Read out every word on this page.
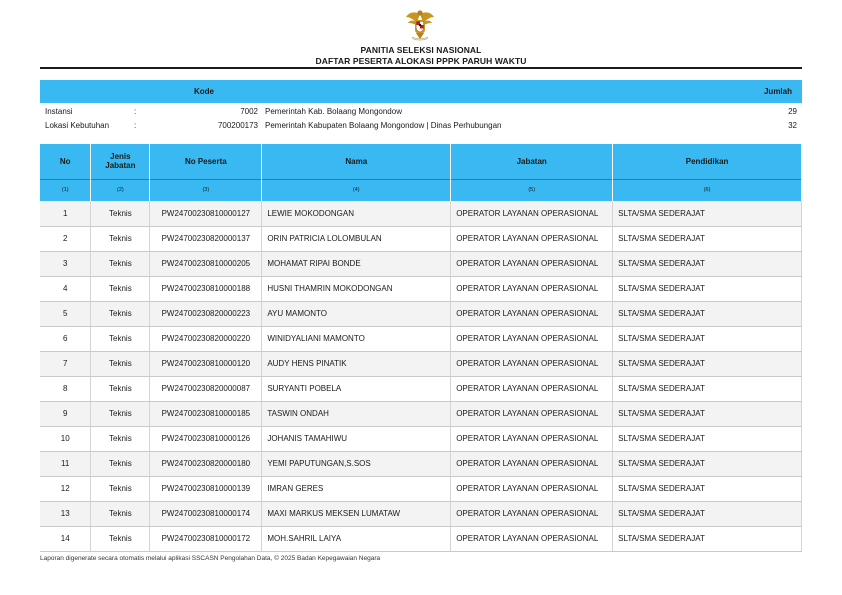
PANITIA SELEKSI NASIONAL
DAFTAR PESERTA ALOKASI PPPK PARUH WAKTU
Kode	Jumlah
Instansi	:	7002 Pemerintah Kab. Bolaang Mongondow	29
Lokasi Kebutuhan	:	700200173 Pemerintah Kabupaten Bolaang Mongondow | Dinas Perhubungan	32
No	Jenis Jabatan	No Peserta	Nama	Jabatan	Pendidikan
(1)	(2)	(3)	(4)	(5)	(6)
1	Teknis	PW24700230810000127	LEWIE MOKODONGAN	OPERATOR LAYANAN OPERASIONAL	SLTA/SMA SEDERAJAT
2	Teknis	PW24700230820000137	ORIN PATRICIA LOLOMBULAN	OPERATOR LAYANAN OPERASIONAL	SLTA/SMA SEDERAJAT
3	Teknis	PW24700230810000205	MOHAMAT RIPAI BONDE	OPERATOR LAYANAN OPERASIONAL	SLTA/SMA SEDERAJAT
4	Teknis	PW24700230810000188	HUSNI THAMRIN MOKODONGAN	OPERATOR LAYANAN OPERASIONAL	SLTA/SMA SEDERAJAT
5	Teknis	PW24700230820000223	AYU MAMONTO	OPERATOR LAYANAN OPERASIONAL	SLTA/SMA SEDERAJAT
6	Teknis	PW24700230820000220	WINIDYALIANI MAMONTO	OPERATOR LAYANAN OPERASIONAL	SLTA/SMA SEDERAJAT
7	Teknis	PW24700230810000120	AUDY HENS PINATIK	OPERATOR LAYANAN OPERASIONAL	SLTA/SMA SEDERAJAT
8	Teknis	PW24700230820000087	SURYANTI POBELA	OPERATOR LAYANAN OPERASIONAL	SLTA/SMA SEDERAJAT
9	Teknis	PW24700230810000185	TASWIN ONDAH	OPERATOR LAYANAN OPERASIONAL	SLTA/SMA SEDERAJAT
10	Teknis	PW24700230810000126	JOHANIS TAMAHIWU	OPERATOR LAYANAN OPERASIONAL	SLTA/SMA SEDERAJAT
11	Teknis	PW24700230820000180	YEMI PAPUTUNGAN,S.SOS	OPERATOR LAYANAN OPERASIONAL	SLTA/SMA SEDERAJAT
12	Teknis	PW24700230810000139	IMRAN GERES	OPERATOR LAYANAN OPERASIONAL	SLTA/SMA SEDERAJAT
13	Teknis	PW24700230810000174	MAXI MARKUS MEKSEN LUMATAW	OPERATOR LAYANAN OPERASIONAL	SLTA/SMA SEDERAJAT
14	Teknis	PW24700230810000172	MOH.SAHRIL LAIYA	OPERATOR LAYANAN OPERASIONAL	SLTA/SMA SEDERAJAT
Laporan digenerate secara otomatis melalui aplikasi SSCASN Pengolahan Data, © 2025 Badan Kepegawaian Negara
